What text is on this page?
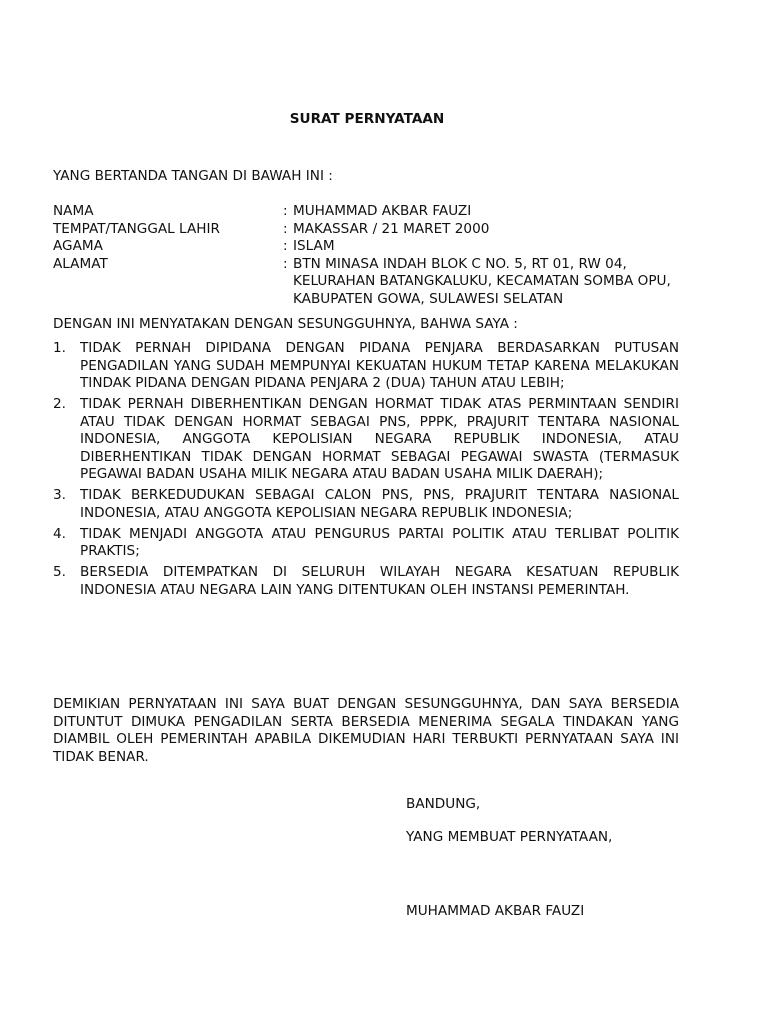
SURAT PERNYATAAN
YANG BERTANDA TANGAN DI BAWAH INI :
NAMA	: MUHAMMAD AKBAR FAUZI
TEMPAT/TANGGAL LAHIR	: MAKASSAR / 21 MARET 2000
AGAMA	: ISLAM
ALAMAT	: BTN MINASA INDAH BLOK C NO. 5, RT 01, RW 04, KELURAHAN BATANGKALUKU, KECAMATAN SOMBA OPU, KABUPATEN GOWA, SULAWESI SELATAN
DENGAN INI MENYATAKAN DENGAN SESUNGGUHNYA, BAHWA SAYA :
1.	TIDAK PERNAH DIPIDANA DENGAN PIDANA PENJARA BERDASARKAN PUTUSAN PENGADILAN YANG SUDAH MEMPUNYAI KEKUATAN HUKUM TETAP KARENA MELAKUKAN TINDAK PIDANA DENGAN PIDANA PENJARA 2 (DUA) TAHUN ATAU LEBIH;
2.	TIDAK PERNAH DIBERHENTIKAN DENGAN HORMAT TIDAK ATAS PERMINTAAN SENDIRI ATAU TIDAK DENGAN HORMAT SEBAGAI PNS, PPPK, PRAJURIT TENTARA NASIONAL INDONESIA, ANGGOTA KEPOLISIAN NEGARA REPUBLIK INDONESIA, ATAU DIBERHENTIKAN TIDAK DENGAN HORMAT SEBAGAI PEGAWAI SWASTA (TERMASUK PEGAWAI BADAN USAHA MILIK NEGARA ATAU BADAN USAHA MILIK DAERAH);
3.	TIDAK BERKEDUDUKAN SEBAGAI CALON PNS, PNS, PRAJURIT TENTARA NASIONAL INDONESIA, ATAU ANGGOTA KEPOLISIAN NEGARA REPUBLIK INDONESIA;
4.	TIDAK MENJADI ANGGOTA ATAU PENGURUS PARTAI POLITIK ATAU TERLIBAT POLITIK PRAKTIS;
5.	BERSEDIA DITEMPATKAN DI SELURUH WILAYAH NEGARA KESATUAN REPUBLIK INDONESIA ATAU NEGARA LAIN YANG DITENTUKAN OLEH INSTANSI PEMERINTAH.
DEMIKIAN PERNYATAAN INI SAYA BUAT DENGAN SESUNGGUHNYA, DAN SAYA BERSEDIA DITUNTUT DIMUKA PENGADILAN SERTA BERSEDIA MENERIMA SEGALA TINDAKAN YANG DIAMBIL OLEH PEMERINTAH APABILA DIKEMUDIAN HARI TERBUKTI PERNYATAAN SAYA INI TIDAK BENAR.
BANDUNG,
YANG MEMBUAT PERNYATAAN,
MUHAMMAD AKBAR FAUZI
